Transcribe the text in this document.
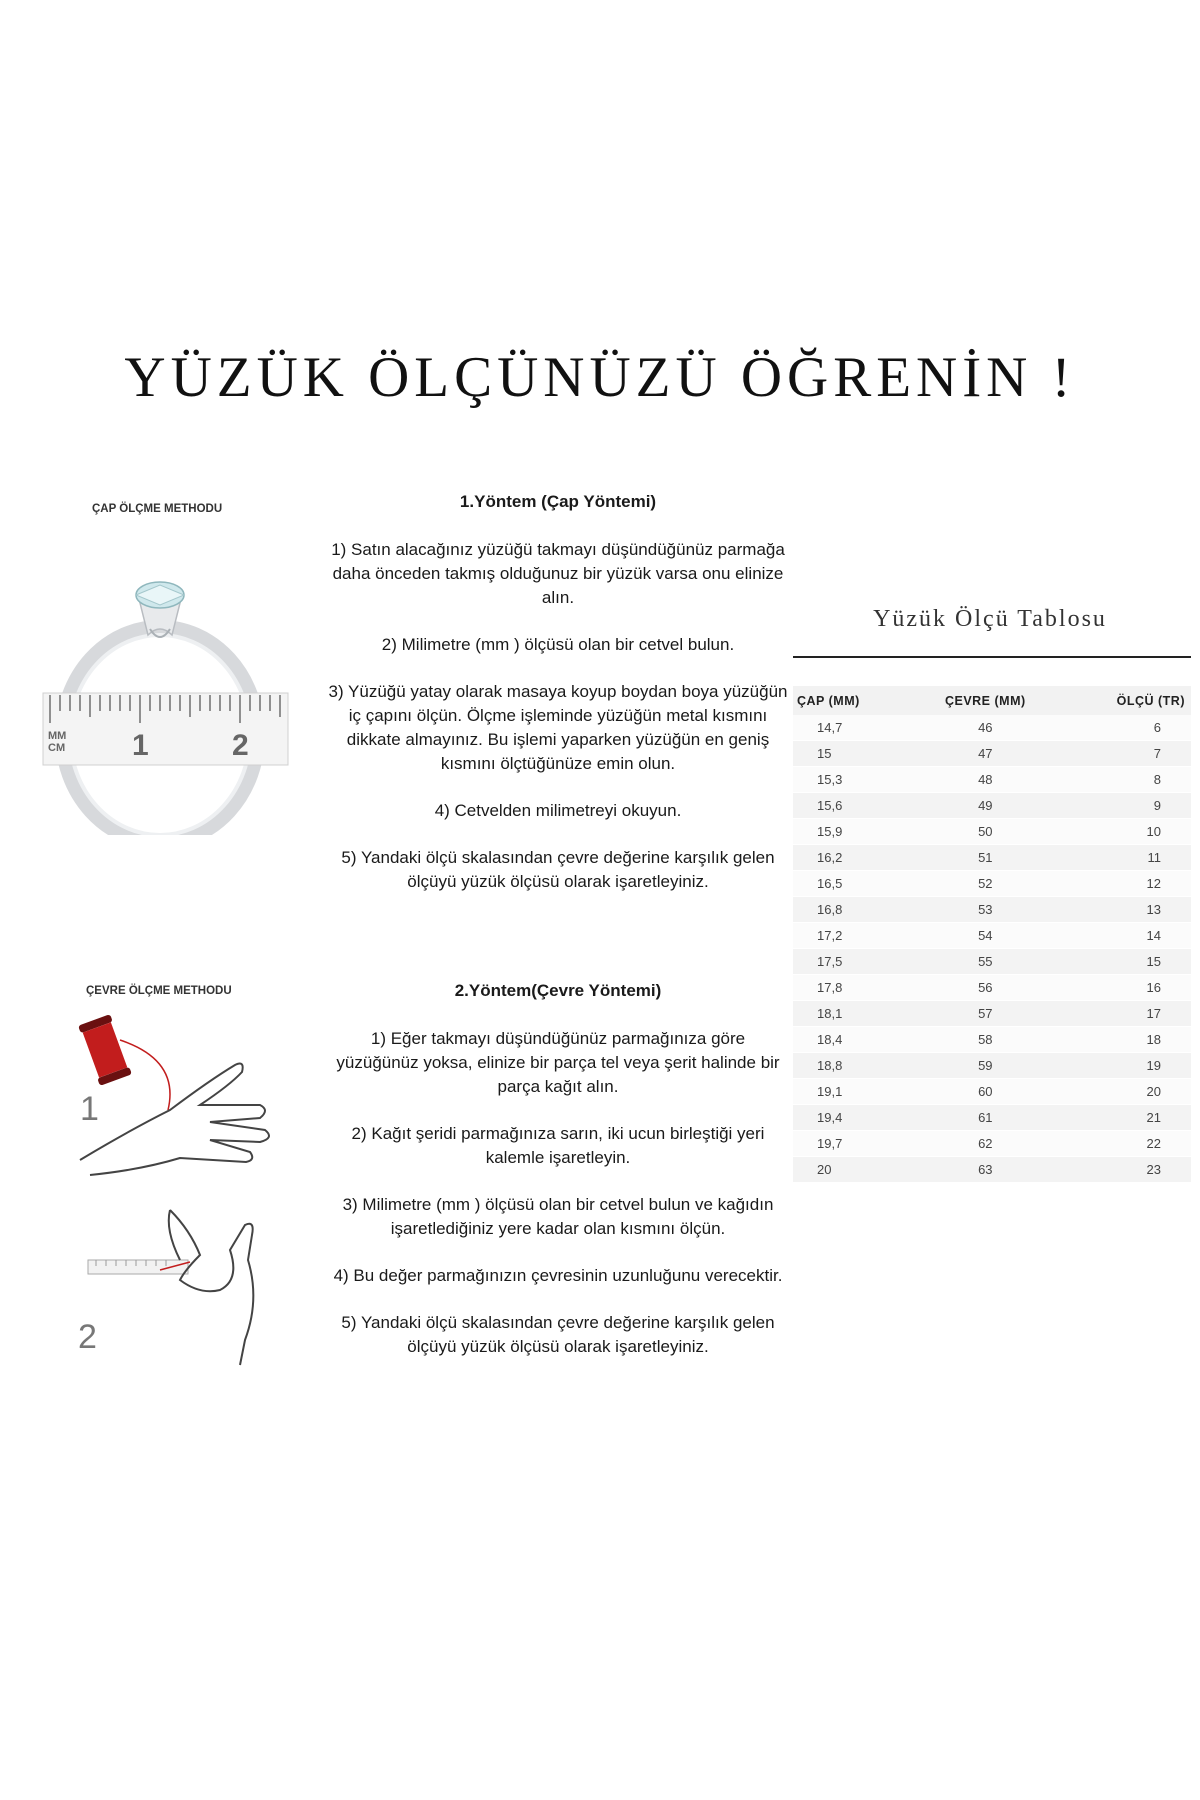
YÜZÜK ÖLÇÜNÜZÜ ÖĞRENİN !
ÇAP ÖLÇME METHODU
MM
CM 1	2
1.Yöntem (Çap Yöntemi)

1) Satın alacağınız yüzüğü takmayı düşündüğünüz parmağa daha önceden takmış olduğunuz bir yüzük varsa onu elinize alın.

2) Milimetre (mm ) ölçüsü olan bir cetvel bulun.

3) Yüzüğü yatay olarak masaya koyup boydan boya yüzüğün iç çapını ölçün. Ölçme işleminde yüzüğün metal kısmını dikkate almayınız. Bu işlemi yaparken yüzüğün en geniş kısmını ölçtüğünüze emin olun.

4) Cetvelden milimetreyi okuyun.

5) Yandaki ölçü skalasından çevre değerine karşılık gelen ölçüyü yüzük ölçüsü olarak işaretleyiniz.

ÇEVRE ÖLÇME METHODU
1
2
2.Yöntem(Çevre Yöntemi)

1) Eğer takmayı düşündüğünüz parmağınıza göre yüzüğünüz yoksa, elinize bir parça tel veya şerit halinde bir parça kağıt alın.

2) Kağıt şeridi parmağınıza sarın, iki ucun birleştiği yeri kalemle işaretleyin.

3) Milimetre (mm ) ölçüsü olan bir cetvel bulun ve kağıdın işaretlediğiniz yere kadar olan kısmını ölçün.

4) Bu değer parmağınızın çevresinin uzunluğunu verecektir.

5) Yandaki ölçü skalasından çevre değerine karşılık gelen ölçüyü yüzük ölçüsü olarak işaretleyiniz.

Yüzük Ölçü Tablosu
ÇAP (MM)	ÇEVRE (MM)	ÖLÇÜ (TR)
14,7	46	6
15	47	7
15,3	48	8
15,6	49	9
15,9	50	10
16,2	51	11
16,5	52	12
16,8	53	13
17,2	54	14
17,5	55	15
17,8	56	16
18,1	57	17
18,4	58	18
18,8	59	19
19,1	60	20
19,4	61	21
19,7	62	22
20	63	23
